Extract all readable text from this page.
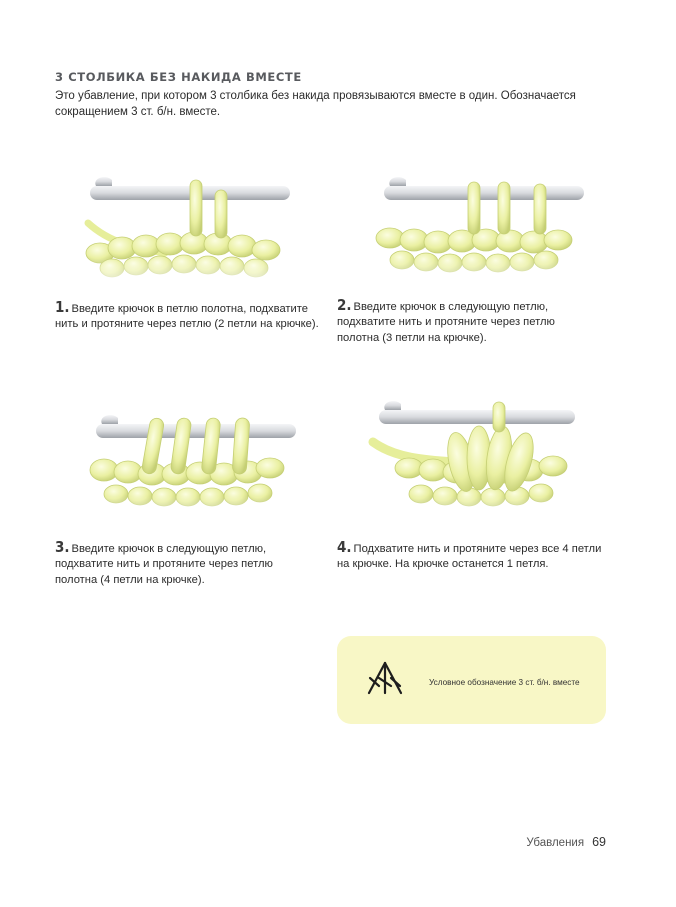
3 СТОЛБИКА БЕЗ НАКИДА ВМЕСТЕ
Это убавление, при котором 3 столбика без накида провязываются вместе в один. Обозначается сокращением 3 ст. б/н. вместе.
1. Введите крючок в петлю полотна, подхватите нить и протяните через петлю (2 петли на крючке).
2. Введите крючок в следующую петлю, подхватите нить и протяните через петлю полотна (3 петли на крючке).
3. Введите крючок в следующую петлю, подхватите нить и протяните через петлю полотна (4 петли на крючке).
4. Подхватите нить и протяните через все 4 петли на крючке. На крючке останется 1 петля.
Условное обозначение 3 ст. б/н. вместе
Убавления 69
